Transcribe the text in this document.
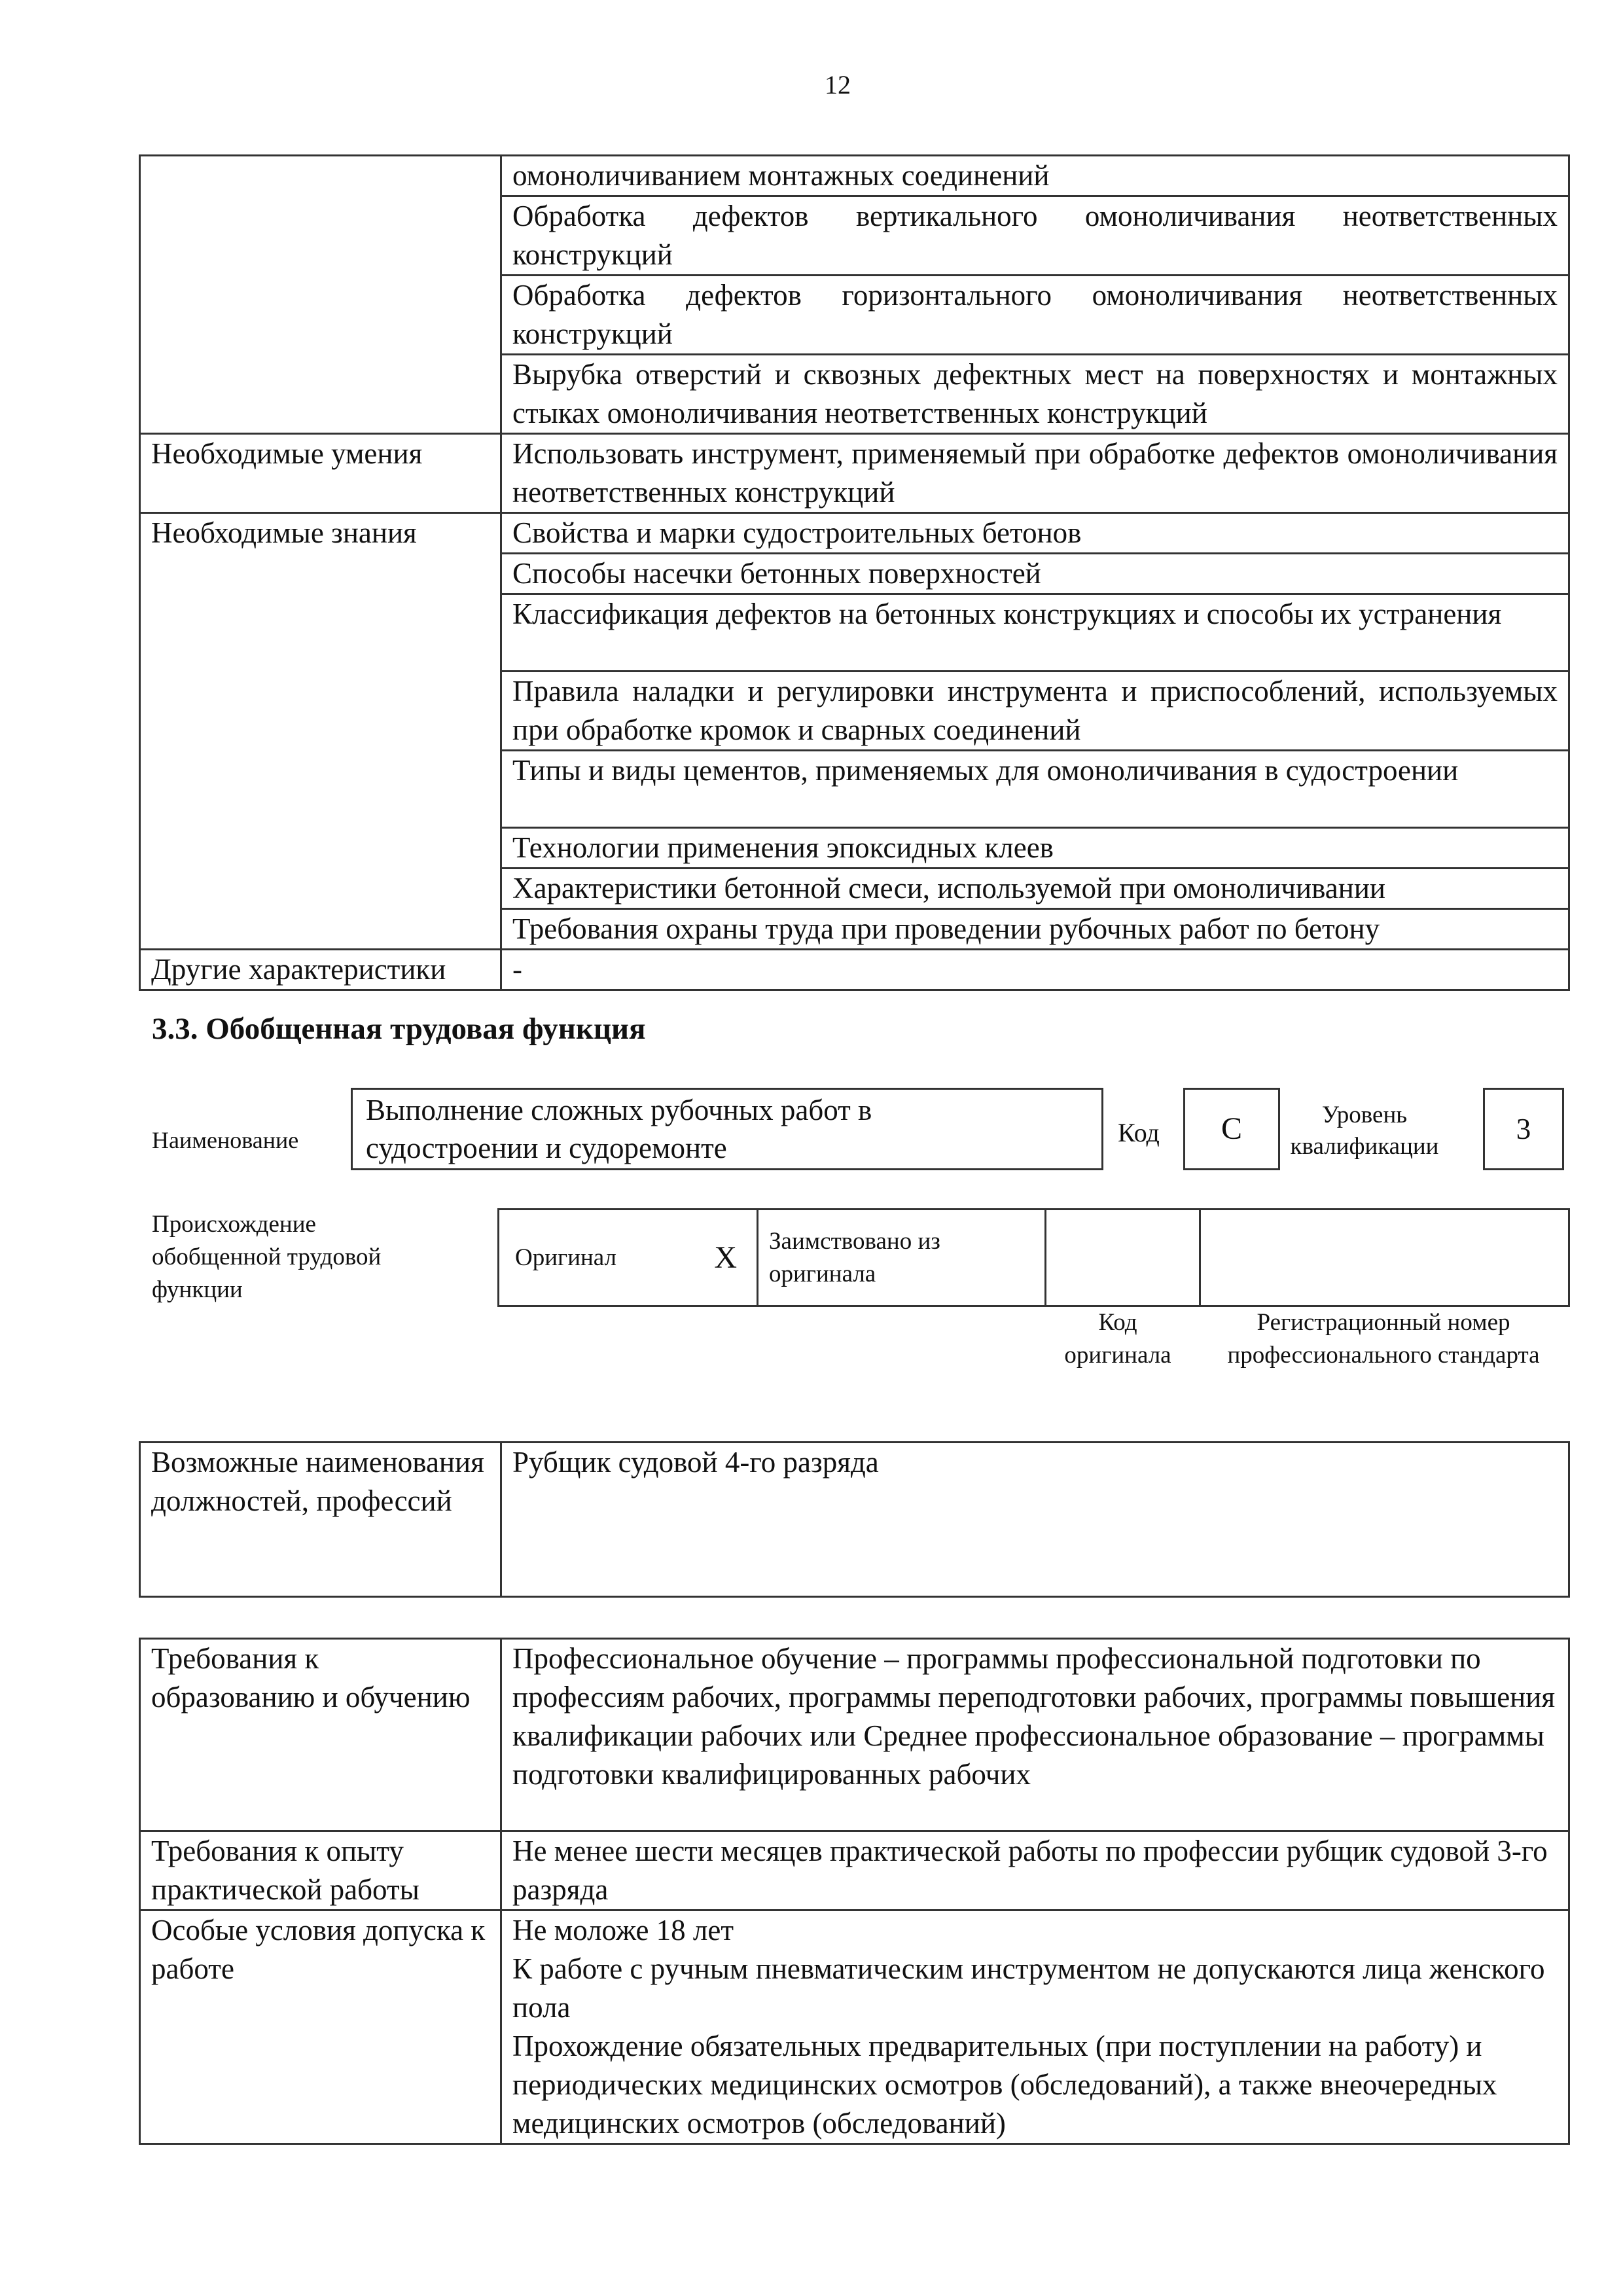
12
	омоноличиванием монтажных соединений
	Обработка дефектов вертикального омоноличивания неответственных конструкций
	Обработка дефектов горизонтального омоноличивания неответственных конструкций
	Вырубка отверстий и сквозных дефектных мест на поверхностях и монтажных стыках омоноличивания неответственных конструкций
Необходимые умения	Использовать инструмент, применяемый при обработке дефектов омоноличивания неответственных конструкций
Необходимые знания	Свойства и марки судостроительных бетонов
	Способы насечки бетонных поверхностей
	Классификация дефектов на бетонных конструкциях и способы их устранения
	Правила наладки и регулировки инструмента и приспособлений, используемых при обработке кромок и сварных соединений
	Типы и виды цементов, применяемых для омоноличивания в судостроении
	Технологии применения эпоксидных клеев
	Характеристики бетонной смеси, используемой при омоноличивании
	Требования охраны труда при проведении рубочных работ по бетону
Другие характеристики	-
3.3. Обобщенная трудовая функция
Наименование
Выполнение сложных рубочных работ в судостроении и судоремонте	Код	C	Уровень квалификации
3
Происхождение обобщенной трудовой функции
Оригинал	X	Заимствовано из оригинала		
Код оригинала
Регистрационный номер профессионального стандарта
Возможные наименования должностей, профессий	Рубщик судовой 4-го разряда
Требования к образованию и обучению	Профессиональное обучение – программы профессиональной подготовки по профессиям рабочих, программы переподготовки рабочих, программы повышения квалификации рабочих или Среднее профессиональное образование – программы подготовки квалифицированных рабочих
Требования к опыту практической работы	Не менее шести месяцев практической работы по профессии рубщик судовой 3-го разряда
Особые условия допуска к работе	Не моложе 18 лет
К работе с ручным пневматическим инструментом не допускаются лица женского пола
Прохождение обязательных предварительных (при поступлении на работу) и периодических медицинских осмотров (обследований), а также внеочередных медицинских осмотров (обследований)
